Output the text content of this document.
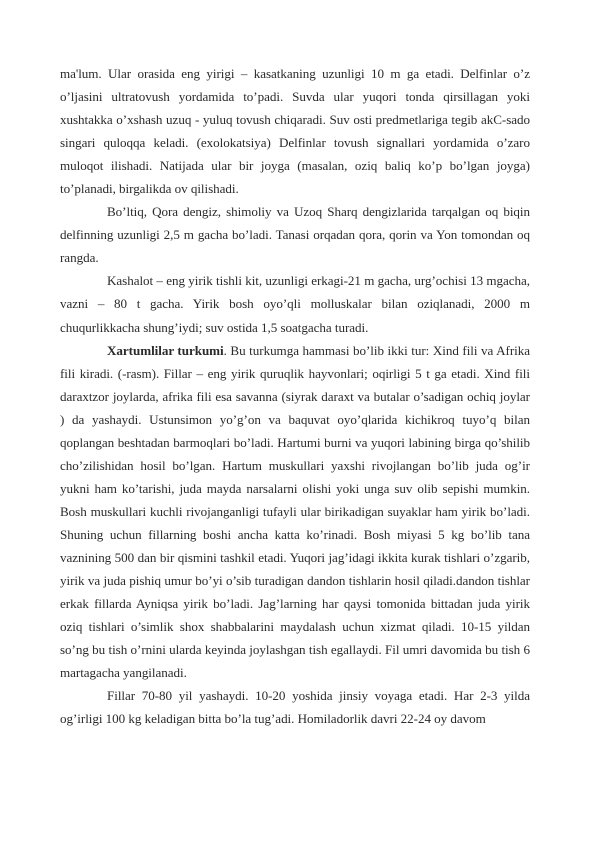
ma'lum. Ular orasida eng yirigi – kasatkaning uzunligi 10 m ga etadi. Delfinlar o’z o’ljasini ultratovush yordamida to’padi. Suvda ular yuqori tonda qirsillagan yoki xushtakka o’xshash uzuq - yuluq tovush chiqaradi. Suv osti predmetlariga tegib akC-sado singari quloqqa keladi. (exolokatsiya) Delfinlar tovush signallari yordamida o’zaro muloqot ilishadi. Natijada ular bir joyga (masalan, oziq baliq ko’p bo’lgan joyga) to’planadi, birgalikda ov qilishadi.

Bo’ltiq, Qora dengiz, shimoliy va Uzoq Sharq dengizlarida tarqalgan oq biqin delfinning uzunligi 2,5 m gacha bo’ladi. Tanasi orqadan qora, qorin va Yon tomondan oq rangda.

Kashalot – eng yirik tishli kit, uzunligi erkagi-21 m gacha, urg’ochisi 13 mgacha, vazni – 80 t gacha. Yirik bosh oyo’qli molluskalar bilan oziqlanadi, 2000 m chuqurlikkacha shung’iydi; suv ostida 1,5 soatgacha turadi.

Xartumlilar turkumi. Bu turkumga hammasi bo’lib ikki tur: Xind fili va Afrika fili kiradi. (-rasm). Fillar – eng yirik quruqlik hayvonlari; oqirligi 5 t ga etadi. Xind fili daraxtzor joylarda, afrika fili esa savanna (siyrak daraxt va butalar o’sadigan ochiq joylar ) da yashaydi. Ustunsimon yo’g’on va baquvat oyo’qlarida kichikroq tuyo’q bilan qoplangan beshtadan barmoqlari bo’ladi. Hartumi burni va yuqori labining birga qo’shilib cho’zilishidan hosil bo’lgan. Hartum muskullari yaxshi rivojlangan bo’lib juda og’ir yukni ham ko’tarishi, juda mayda narsalarni olishi yoki unga suv olib sepishi mumkin. Bosh muskullari kuchli rivojanganligi tufayli ular birikadigan suyaklar ham yirik bo’ladi. Shuning uchun fillarning boshi ancha katta ko’rinadi. Bosh miyasi 5 kg bo’lib tana vaznining 500 dan bir qismini tashkil etadi. Yuqori jag’idagi ikkita kurak tishlari o’zgarib, yirik va juda pishiq umur bo’yi o’sib turadigan dandon tishlarin hosil qiladi.dandon tishlar erkak fillarda Ayniqsa yirik bo’ladi. Jag’larning har qaysi tomonida bittadan juda yirik oziq tishlari o’simlik shox shabbalarini maydalash uchun xizmat qiladi. 10-15 yildan so’ng bu tish o’rnini ularda keyinda joylashgan tish egallaydi. Fil umri davomida bu tish 6 martagacha yangilanadi.

Fillar 70-80 yil yashaydi. 10-20 yoshida jinsiy voyaga etadi. Har 2-3 yilda og’irligi 100 kg keladigan bitta bo’la tug’adi. Homiladorlik davri 22-24 oy davom
